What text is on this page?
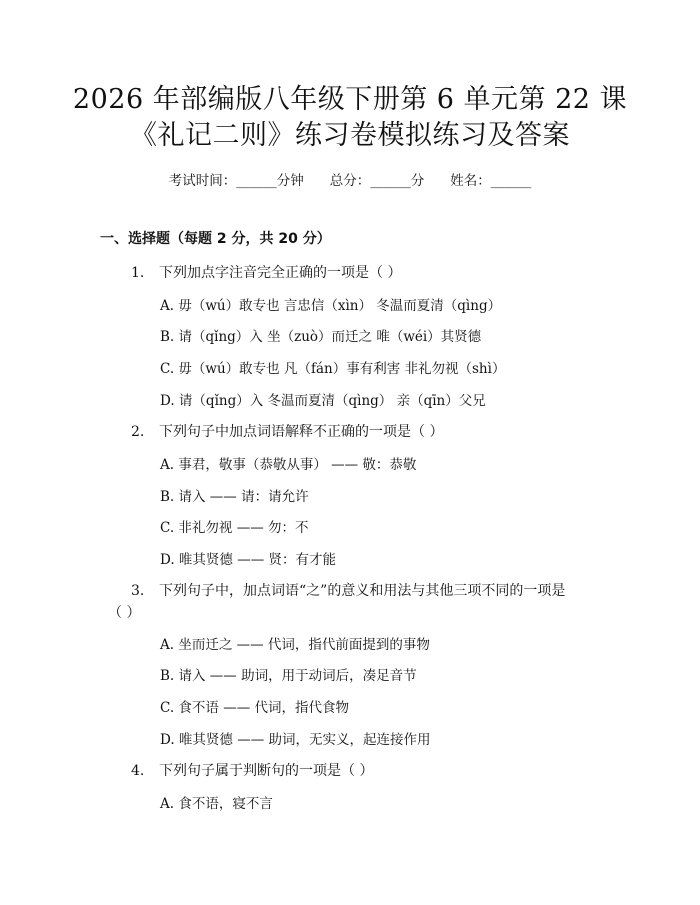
2026 年部编版八年级下册第 6 单元第 22 课
《礼记二则》练习卷模拟练习及答案
考试时间：______分钟 总分：______分 姓名：______
一、选择题（每题 2 分，共 20 分）
1. 下列加点字注音完全正确的一项是（ ）
A. 毋（wú）敢专也 言忠信（xìn） 冬温而夏清（qìng）
B. 请（qǐng）入 坐（zuò）而迁之 唯（wéi）其贤德
C. 毋（wú）敢专也 凡（fán）事有利害 非礼勿视（shì）
D. 请（qǐng）入 冬温而夏清（qìng） 亲（qīn）父兄
2. 下列句子中加点词语解释不正确的一项是（ ）
A. 事君，敬事（恭敬从事） —— 敬：恭敬
B. 请入 —— 请：请允许
C. 非礼勿视 —— 勿：不
D. 唯其贤德 —— 贤：有才能
3. 下列句子中，加点词语“之”的意义和用法与其他三项不同的一项是
（ ）
A. 坐而迁之 —— 代词，指代前面提到的事物
B. 请入 —— 助词，用于动词后，凑足音节
C. 食不语 —— 代词，指代食物
D. 唯其贤德 —— 助词，无实义，起连接作用
4. 下列句子属于判断句的一项是（ ）
A. 食不语，寝不言
